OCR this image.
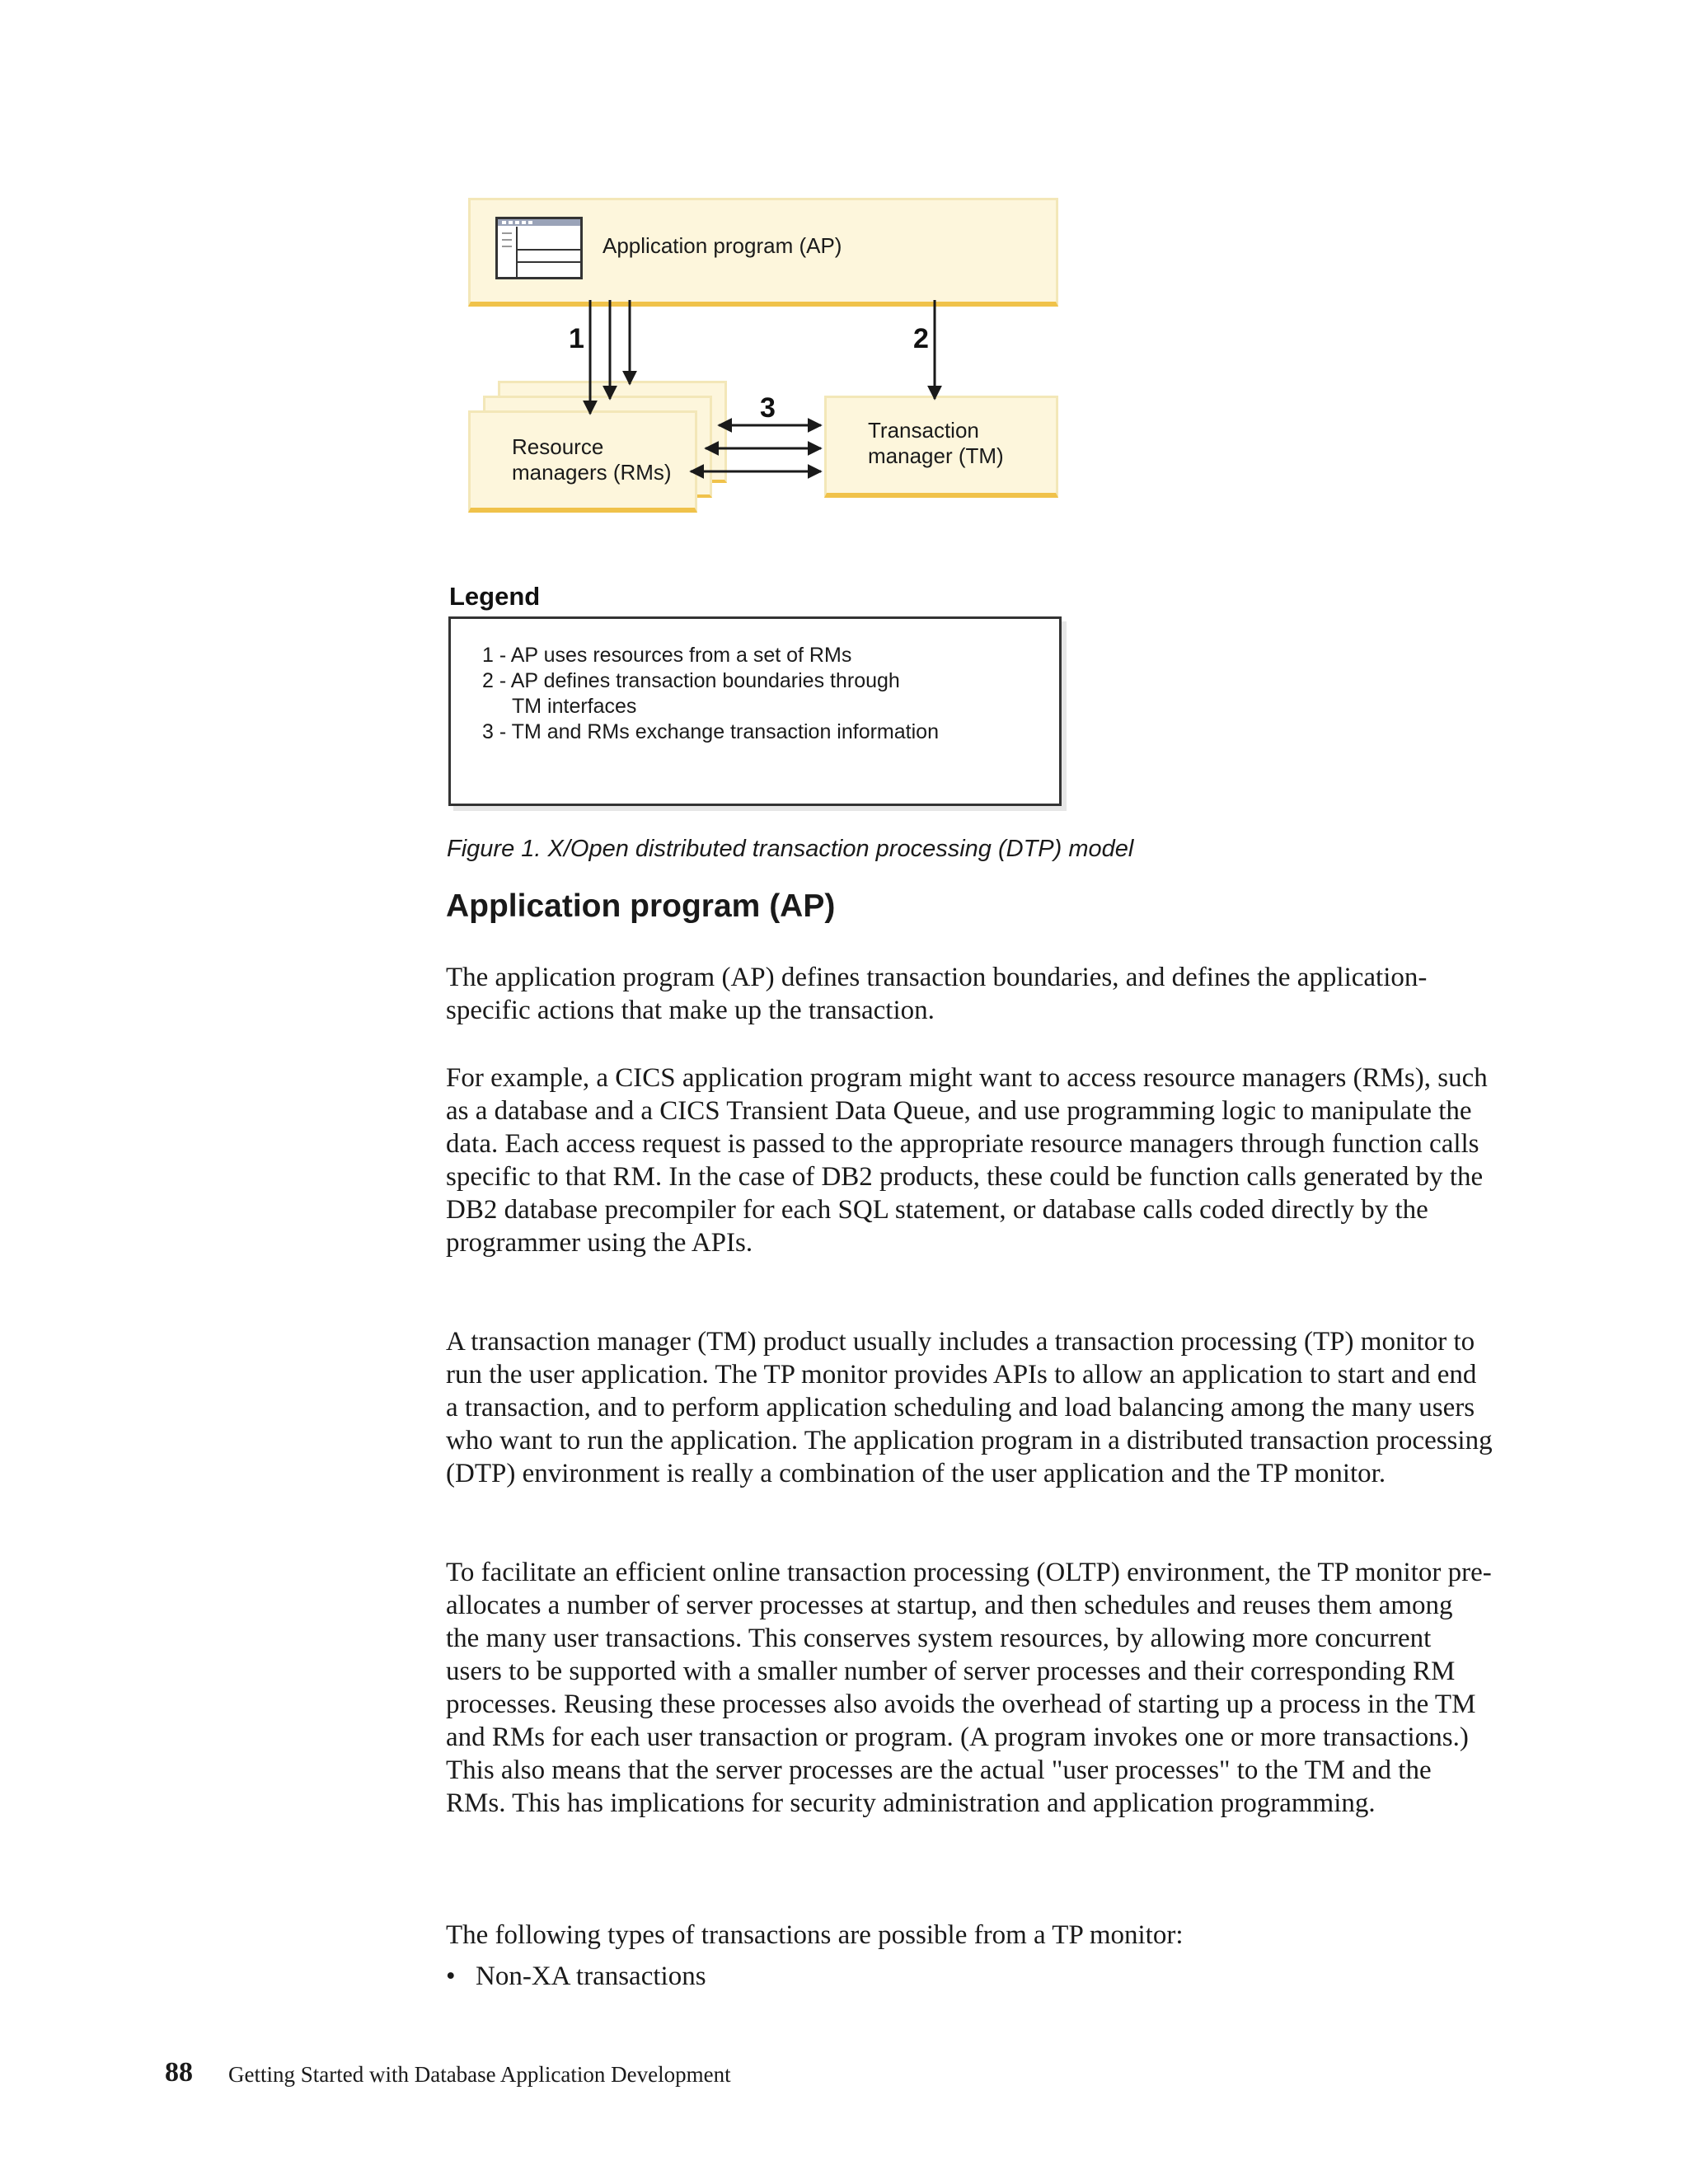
Application program (AP)
Resource
managers (RMs)
Transaction
manager (TM)
1	2
3
Legend
1 - AP uses resources from a set of RMs
2 - AP defines transaction boundaries through
TM interfaces
3 - TM and RMs exchange transaction information
Figure 1. X/Open distributed transaction processing (DTP) model
Application program (AP)

The application program (AP) defines transaction boundaries, and defines the application-specific actions that make up the transaction.

For example, a CICS application program might want to access resource managers (RMs), such as a database and a CICS Transient Data Queue, and use programming logic to manipulate the data. Each access request is passed to the appropriate resource managers through function calls specific to that RM. In the case of DB2 products, these could be function calls generated by the DB2 database precompiler for each SQL statement, or database calls coded directly by the programmer using the APIs.

A transaction manager (TM) product usually includes a transaction processing (TP) monitor to run the user application. The TP monitor provides APIs to allow an application to start and end a transaction, and to perform application scheduling and load balancing among the many users who want to run the application. The application program in a distributed transaction processing (DTP) environment is really a combination of the user application and the TP monitor.

To facilitate an efficient online transaction processing (OLTP) environment, the TP monitor pre-allocates a number of server processes at startup, and then schedules and reuses them among the many user transactions. This conserves system resources, by allowing more concurrent users to be supported with a smaller number of server processes and their corresponding RM processes. Reusing these processes also avoids the overhead of starting up a process in the TM and RMs for each user transaction or program. (A program invokes one or more transactions.) This also means that the server processes are the actual "user processes" to the TM and the RMs. This has implications for security administration and application programming.

The following types of transactions are possible from a TP monitor:

• Non-XA transactions
88 Getting Started with Database Application Development
